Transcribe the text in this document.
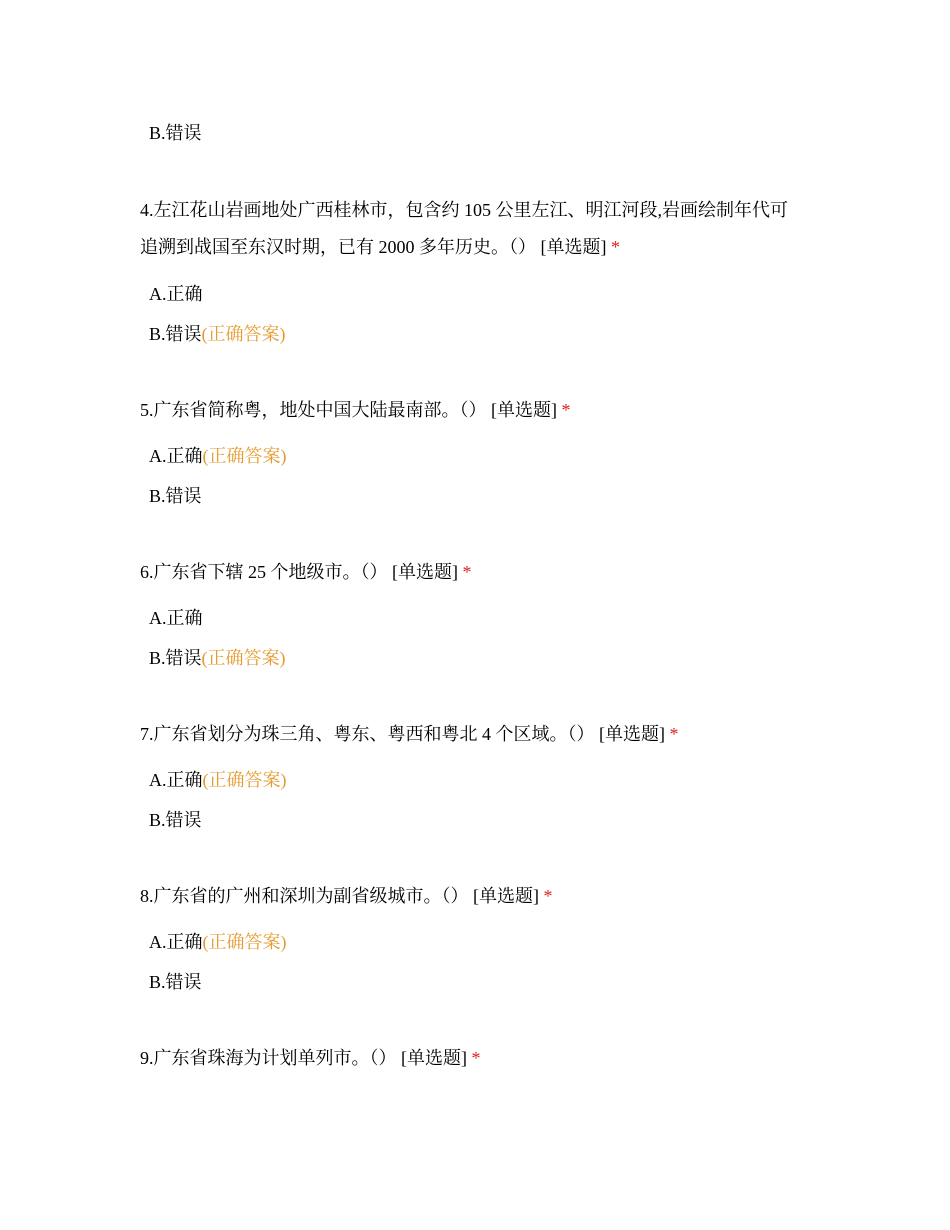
B.错误
4.左江花山岩画地处广西桂林市，包含约 105 公里左江、明江河段,岩画绘制年代可
追溯到战国至东汉时期，已有 2000 多年历史。（） [单选题] *
A.正确
B.错误(正确答案)
5.广东省简称粤，地处中国大陆最南部。（） [单选题] *
A.正确(正确答案)
B.错误
6.广东省下辖 25 个地级市。（） [单选题] *
A.正确
B.错误(正确答案)
7.广东省划分为珠三角、粤东、粤西和粤北 4 个区域。（） [单选题] *
A.正确(正确答案)
B.错误
8.广东省的广州和深圳为副省级城市。（） [单选题] *
A.正确(正确答案)
B.错误
9.广东省珠海为计划单列市。（） [单选题] *
